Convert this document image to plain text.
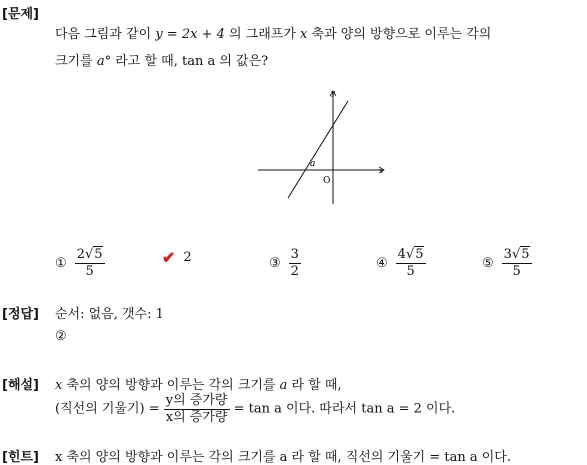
[문제]
다음 그림과 같이 y = 2x + 4 의 그래프가 x 축과 양의 방향으로 이루는 각의
크기를 a° 라고 할 때, tan a 의 값은?
y
x
O
a
① $\frac{2√5}{5}$	✔ 2	③ $\frac{3}{2}$	④ $\frac{4√5}{5}$	⑤ $\frac{3√5}{5}$
[정답] 순서: 없음, 갯수: 1
②
[해설] x 축의 양의 방향과 이루는 각의 크기를 a 라 할 때,
(직선의 기울기) = $\frac{\text{y의 증가량}}{\text{x의 증가량}} = \tan a$ 이다. 따라서 tan a = 2 이다.
[힌트] x 축의 양의 방향과 이루는 각의 크기를 a 라 할 때, 직선의 기울기 = tan a 이다.
